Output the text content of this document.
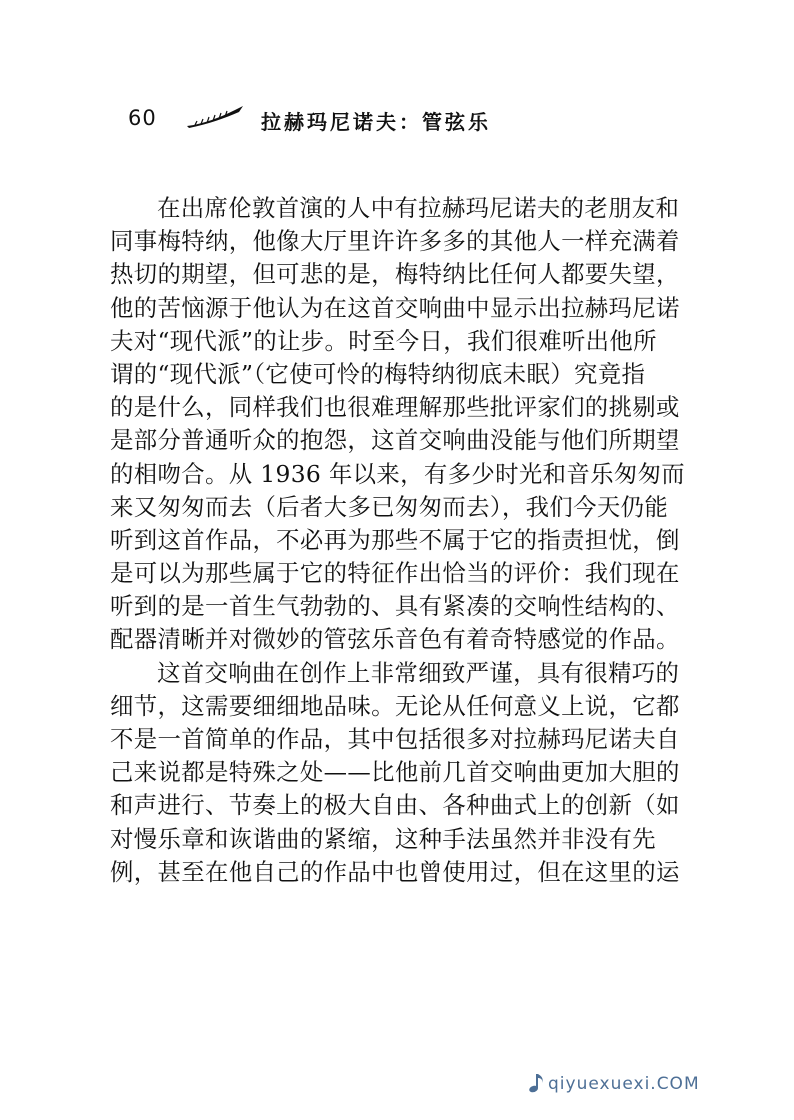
60	拉赫玛尼诺夫：管弦乐
在出席伦敦首演的人中有拉赫玛尼诺夫的老朋友和
同事梅特纳，他像大厅里许许多多的其他人一样充满着
热切的期望，但可悲的是，梅特纳比任何人都要失望，
他的苦恼源于他认为在这首交响曲中显示出拉赫玛尼诺
夫对“现代派”的让步。时至今日，我们很难听出他所
谓的“现代派”（它使可怜的梅特纳彻底未眠）究竟指
的是什么，同样我们也很难理解那些批评家们的挑剔或
是部分普通听众的抱怨，这首交响曲没能与他们所期望
的相吻合。从 1936 年以来，有多少时光和音乐匆匆而
来又匆匆而去（后者大多已匆匆而去），我们今天仍能
听到这首作品，不必再为那些不属于它的指责担忧，倒
是可以为那些属于它的特征作出恰当的评价：我们现在
听到的是一首生气勃勃的、具有紧凑的交响性结构的、
配器清晰并对微妙的管弦乐音色有着奇特感觉的作品。
这首交响曲在创作上非常细致严谨，具有很精巧的
细节，这需要细细地品味。无论从任何意义上说，它都
不是一首简单的作品，其中包括很多对拉赫玛尼诺夫自
己来说都是特殊之处——比他前几首交响曲更加大胆的
和声进行、节奏上的极大自由、各种曲式上的创新（如
对慢乐章和诙谐曲的紧缩，这种手法虽然并非没有先
例，甚至在他自己的作品中也曾使用过，但在这里的运
qiyuexuexi.COM
